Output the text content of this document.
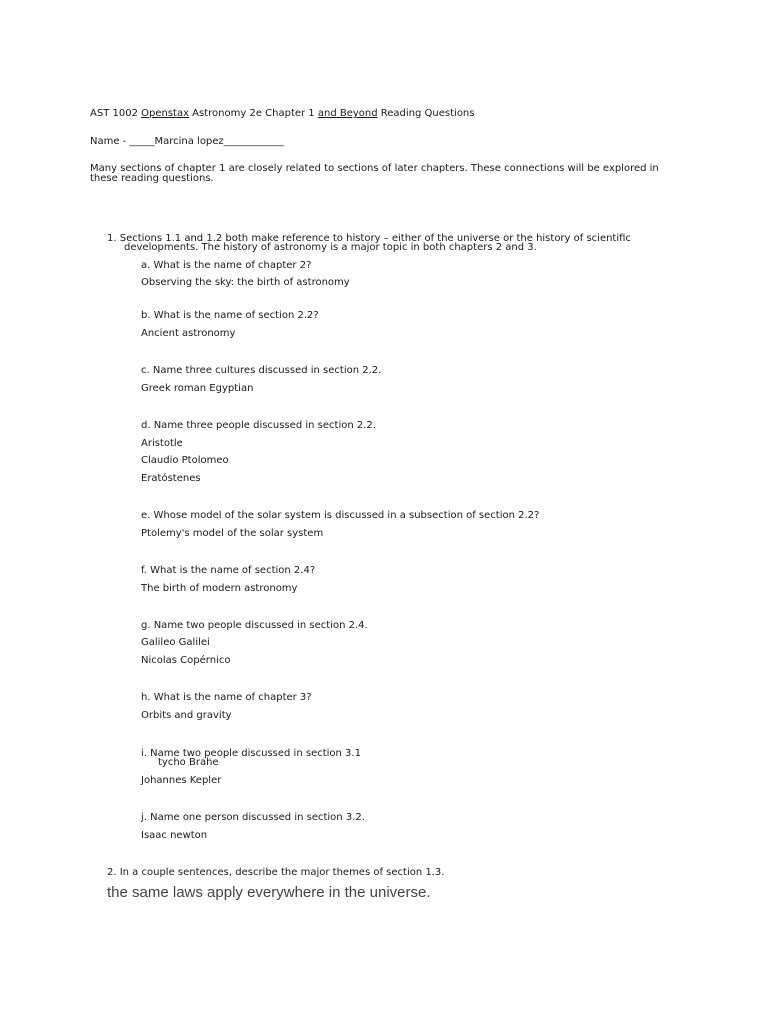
AST 1002 Openstax Astronomy 2e Chapter 1 and Beyond Reading Questions
Name - _____Marcina lopez____________
Many sections of chapter 1 are closely related to sections of later chapters. These connections will be explored in
these reading questions.
1. Sections 1.1 and 1.2 both make reference to history – either of the universe or the history of scientific
developments. The history of astronomy is a major topic in both chapters 2 and 3.
a. What is the name of chapter 2?
Observing the sky: the birth of astronomy
b. What is the name of section 2.2?
Ancient astronomy
c. Name three cultures discussed in section 2.2.
Greek roman Egyptian
d. Name three people discussed in section 2.2.
Aristotle
Claudio Ptolomeo
Eratóstenes
e. Whose model of the solar system is discussed in a subsection of section 2.2?
Ptolemy's model of the solar system
f. What is the name of section 2.4?
The birth of modern astronomy
g. Name two people discussed in section 2.4.
Galileo Galilei
Nicolas Copérnico
h. What is the name of chapter 3?
Orbits and gravity
i. Name two people discussed in section 3.1
tycho Brahe
Johannes Kepler
j. Name one person discussed in section 3.2.
Isaac newton
2. In a couple sentences, describe the major themes of section 1.3.
the same laws apply everywhere in the universe.
